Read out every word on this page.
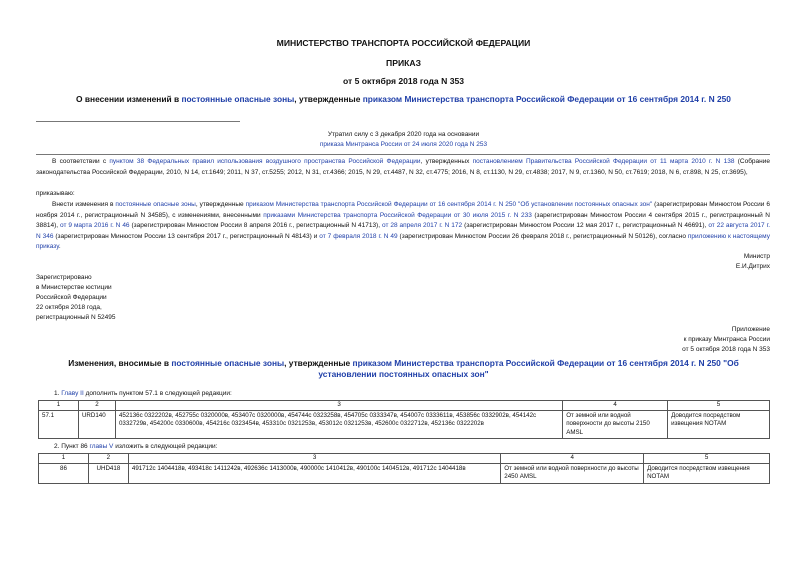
МИНИСТЕРСТВО ТРАНСПОРТА РОССИЙСКОЙ ФЕДЕРАЦИИ
ПРИКАЗ
от 5 октября 2018 года N 353
О внесении изменений в постоянные опасные зоны, утвержденные приказом Министерства транспорта Российской Федерации от 16 сентября 2014 г. N 250
Утратил силу с 3 декабря 2020 года на основании
приказа Минтранса России от 24 июля 2020 года N 253
В соответствии с пунктом 38 Федеральных правил использования воздушного пространства Российской Федерации, утвержденных постановлением Правительства Российской Федерации от 11 марта 2010 г. N 138 (Собрание законодательства Российской Федерации, 2010, N 14, ст.1649; 2011, N 37, ст.5255; 2012, N 31, ст.4366; 2015, N 29, ст.4487, N 32, ст.4775; 2016, N 8, ст.1130, N 29, ст.4838; 2017, N 9, ст.1360, N 50, ст.7619; 2018, N 6, ст.898, N 25, ст.3695),
приказываю:
Внести изменения в постоянные опасные зоны, утвержденные приказом Министерства транспорта Российской Федерации от 16 сентября 2014 г. N 250 "Об установлении постоянных опасных зон" (зарегистрирован Минюстом России 6 ноября 2014 г., регистрационный N 34585), с изменениями, внесенными приказами Министерства транспорта Российской Федерации от 30 июля 2015 г. N 233 (зарегистрирован Минюстом России 4 сентября 2015 г., регистрационный N 38814), от 9 марта 2016 г. N 46 (зарегистрирован Минюстом России 8 апреля 2016 г., регистрационный N 41713), от 28 апреля 2017 г. N 172 (зарегистрирован Минюстом России 12 мая 2017 г., регистрационный N 46691), от 22 августа 2017 г. N 346 (зарегистрирован Минюстом России 13 сентября 2017 г., регистрационный N 48143) и от 7 февраля 2018 г. N 49 (зарегистрирован Минюстом России 26 февраля 2018 г., регистрационный N 50126), согласно приложению к настоящему приказу.
Министр
Е.И.Дитрих
Зарегистрировано
в Министерстве юстиции
Российской Федерации
22 октября 2018 года,
регистрационный N 52495
Приложение
к приказу Минтранса России
от 5 октября 2018 года N 353
Изменения, вносимые в постоянные опасные зоны, утвержденные приказом Министерства транспорта Российской Федерации от 16 сентября 2014 г. N 250 "Об
установлении постоянных опасных зон"
1. Главу II дополнить пунктом 57.1 в следующей редакции:
1	2	3	4	5
57.1	URD140	452136с 0322202в, 452755с 0320000в, 453407с 0320000в, 454744с 0323258в, 454705с 0333347в, 454007с 0333611в, 453856с 0332902в, 454142с 0332729в, 454200с 0330600в, 454216с 0323454в, 453310с 0321253в, 453012с 0321253в, 452600с 0322712в, 452136с 0322202в	От земной или водной поверхности до высоты 2150 AMSL	Доводится посредством извещения NOTAM
2. Пункт 86 главы V изложить в следующей редакции:
1	2	3	4	5
86	UHD418	491712с 1404418в, 493418с 1411242в, 492636с 1413000в, 490000с 1410412в, 490100с 1404512в, 491712с 1404418в	От земной или водной поверхности до высоты 2450 AMSL	Доводится посредством извещения NOTAM
